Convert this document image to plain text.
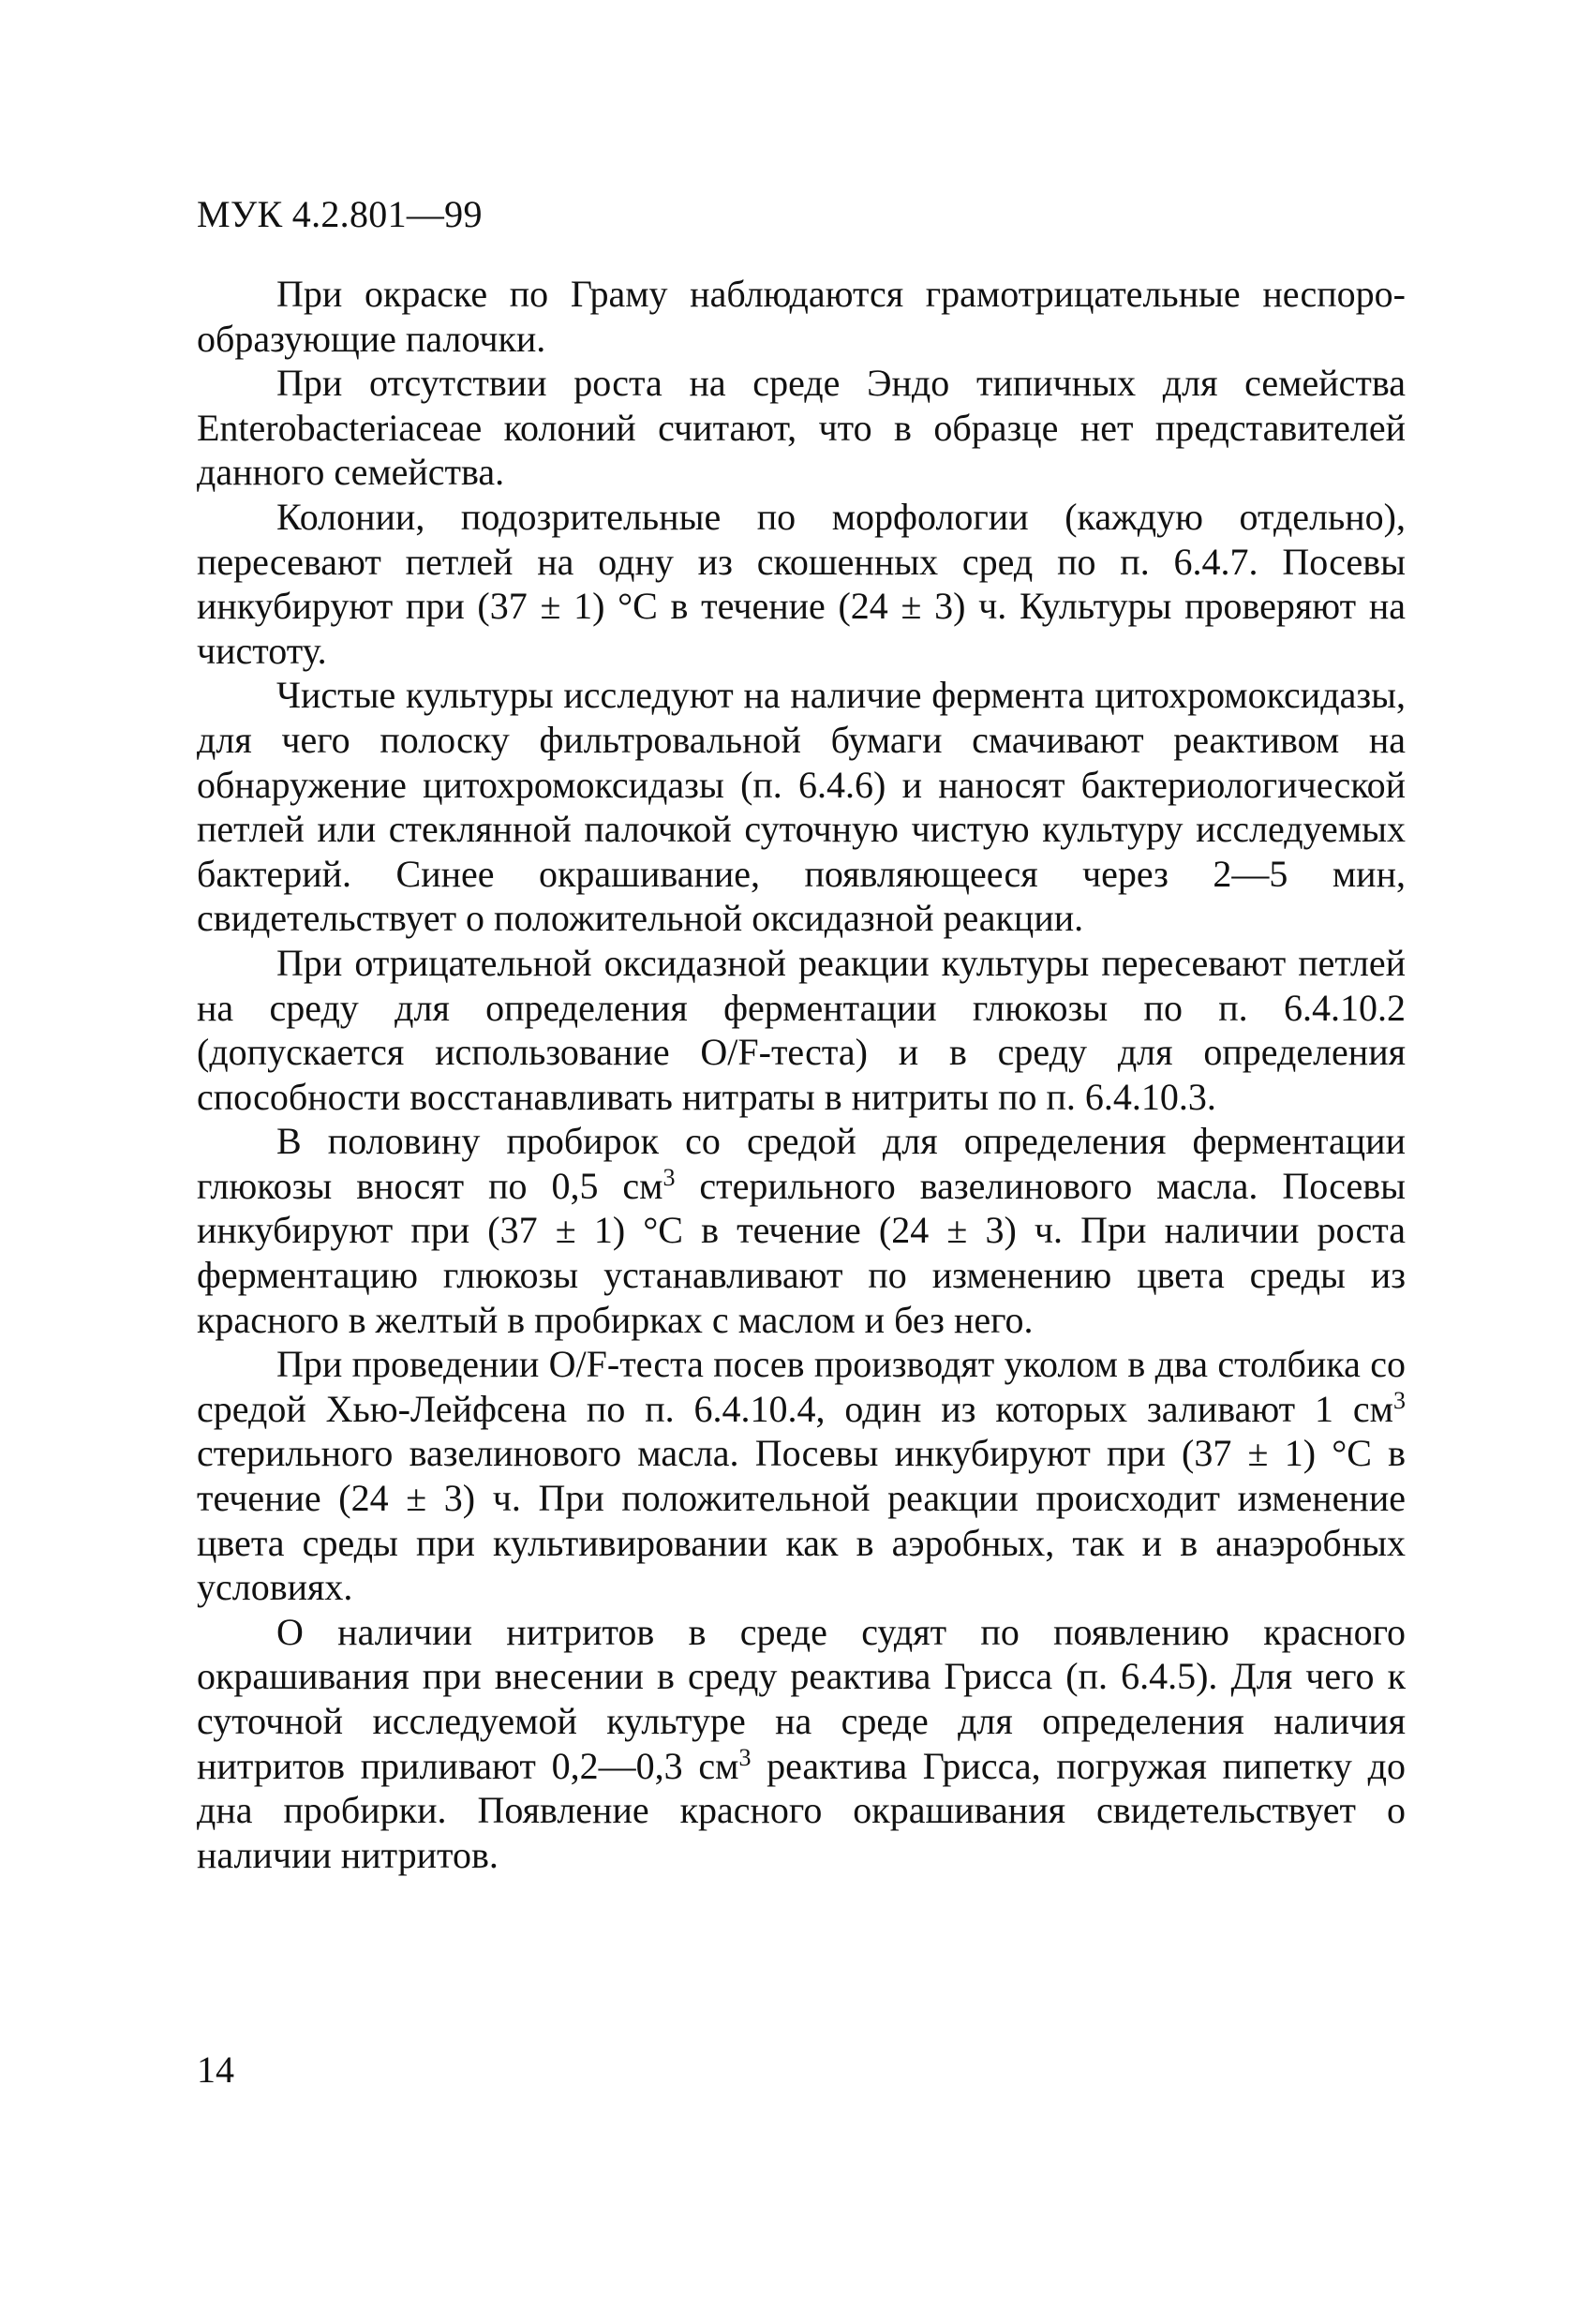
МУК 4.2.801—99

При окраске по Граму наблюдаются грамотрицательные неспорообразующие палочки.

При отсутствии роста на среде Эндо типичных для семейства Enterobacteriaceae колоний считают, что в образце нет представителей данного семейства.

Колонии, подозрительные по морфологии (каждую отдельно), пересевают петлей на одну из скошенных сред по п. 6.4.7. Посевы инкубируют при (37 ± 1) °С в течение (24 ± 3) ч. Культуры проверяют на чистоту.

Чистые культуры исследуют на наличие фермента цитохромоксидазы, для чего полоску фильтровальной бумаги смачивают реактивом на обнаружение цитохромоксидазы (п. 6.4.6) и наносят бактериологической петлей или стеклянной палочкой суточную чистую культуру исследуемых бактерий. Синее окрашивание, появляющееся через 2—5 мин, свидетельствует о положительной оксидазной реакции.

При отрицательной оксидазной реакции культуры пересевают петлей на среду для определения ферментации глюкозы по п. 6.4.10.2 (допускается использование O/F-теста) и в среду для определения способности восстанавливать нитраты в нитриты по п. 6.4.10.3.

В половину пробирок со средой для определения ферментации глюкозы вносят по 0,5 $см^3$ стерильного вазелинового масла. Посевы инкубируют при (37 ± 1) °С в течение (24 ± 3) ч. При наличии роста ферментацию глюкозы устанавливают по изменению цвета среды из красного в желтый в пробирках с маслом и без него.

При проведении O/F-теста посев производят уколом в два столбика со средой Хью-Лейфсена по п. 6.4.10.4, один из которых заливают 1 $см^3$ стерильного вазелинового масла. Посевы инкубируют при (37 ± 1) °С в течение (24 ± 3) ч. При положительной реакции происходит изменение цвета среды при культивировании как в аэробных, так и в анаэробных условиях.

О наличии нитритов в среде судят по появлению красного окрашивания при внесении в среду реактива Грисса (п. 6.4.5). Для чего к суточной исследуемой культуре на среде для определения наличия нитритов приливают 0,2—0,3 $см^3$ реактива Грисса, погружая пипетку до дна пробирки. Появление красного окрашивания свидетельствует о наличии нитритов.

14
